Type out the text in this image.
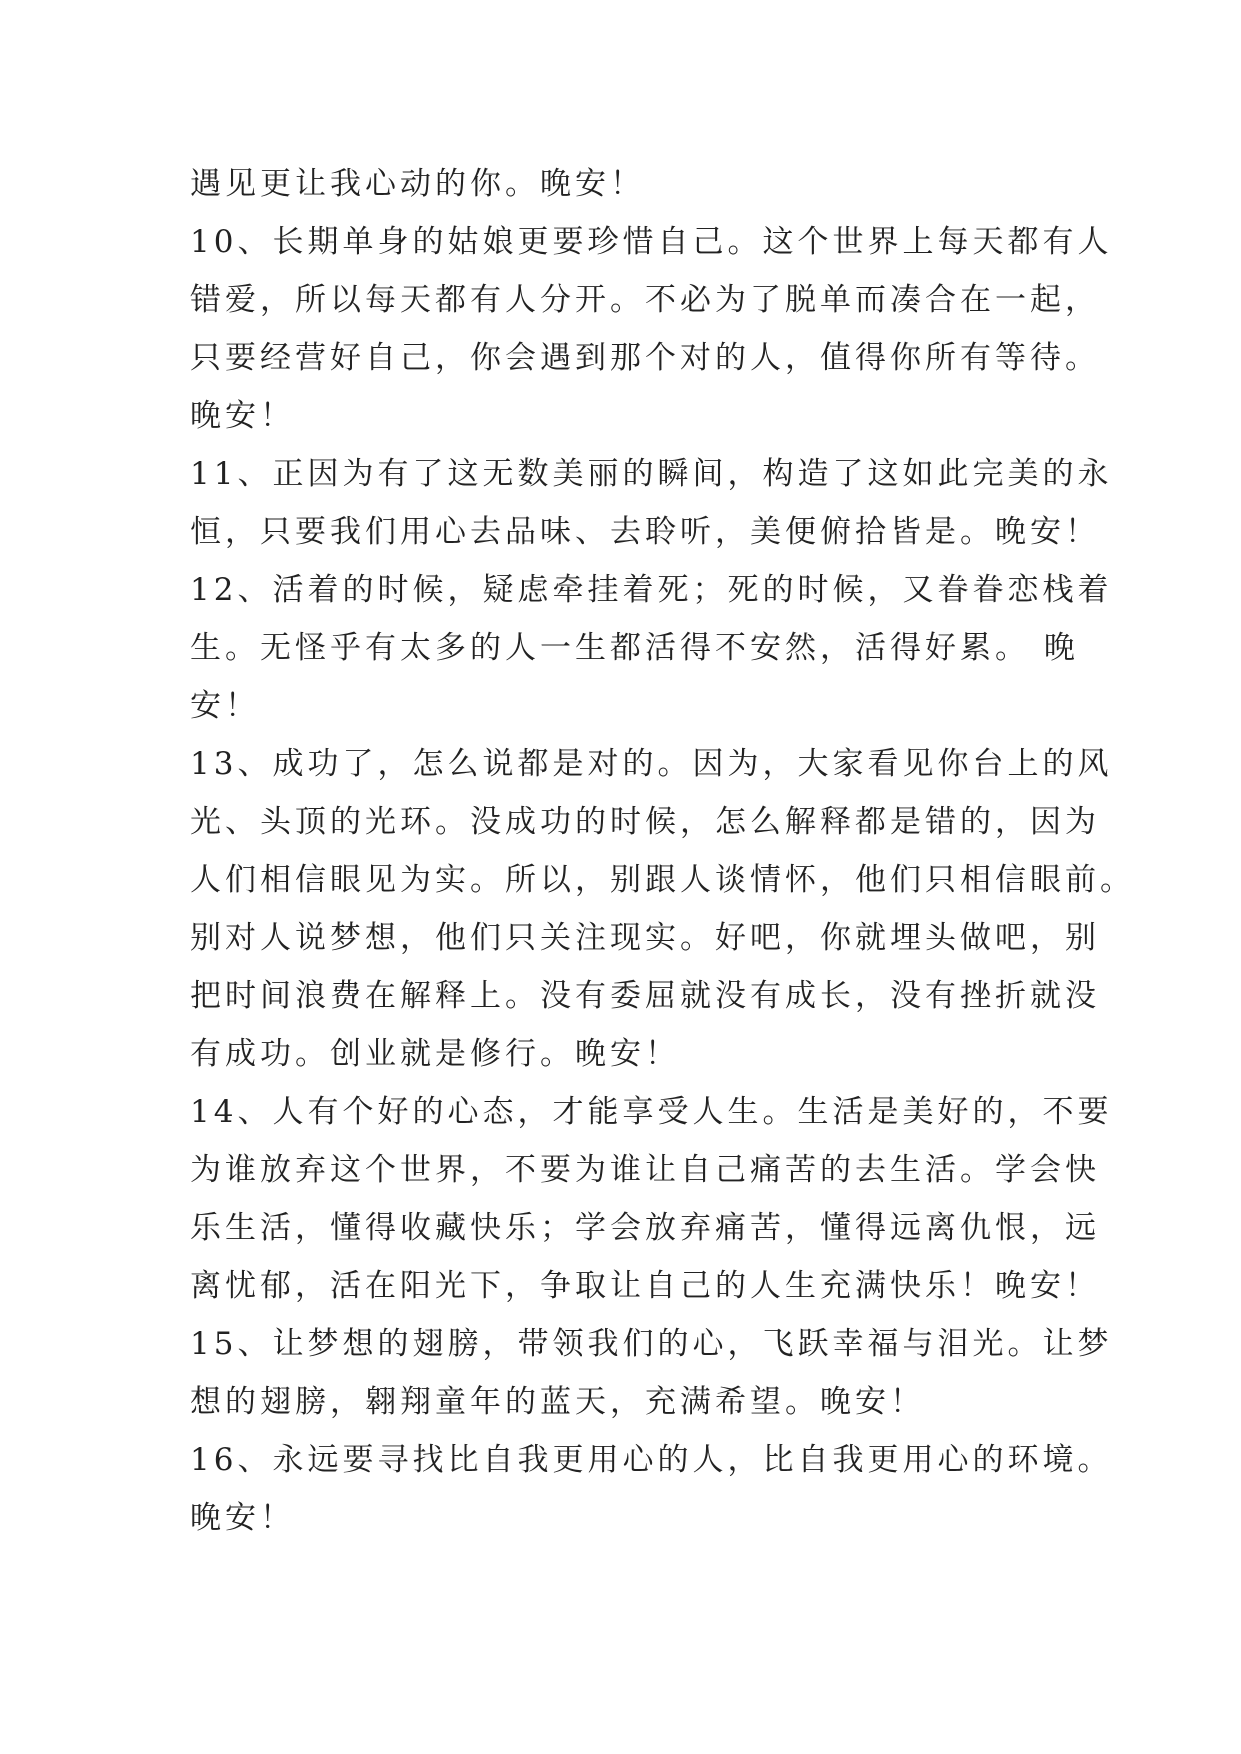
遇见更让我心动的你。晚安！
10、长期单身的姑娘更要珍惜自己。这个世界上每天都有人
错爱，所以每天都有人分开。不必为了脱单而凑合在一起，
只要经营好自己，你会遇到那个对的人，值得你所有等待。
晚安！
11、正因为有了这无数美丽的瞬间，构造了这如此完美的永
恒，只要我们用心去品味、去聆听，美便俯拾皆是。晚安！
12、活着的时候，疑虑牵挂着死；死的时候，又眷眷恋栈着
生。无怪乎有太多的人一生都活得不安然，活得好累。 晚
安！
13、成功了，怎么说都是对的。因为，大家看见你台上的风
光、头顶的光环。没成功的时候，怎么解释都是错的，因为
人们相信眼见为实。所以，别跟人谈情怀，他们只相信眼前。
别对人说梦想，他们只关注现实。好吧，你就埋头做吧，别
把时间浪费在解释上。没有委屈就没有成长，没有挫折就没
有成功。创业就是修行。晚安！
14、人有个好的心态，才能享受人生。生活是美好的，不要
为谁放弃这个世界，不要为谁让自己痛苦的去生活。学会快
乐生活，懂得收藏快乐；学会放弃痛苦，懂得远离仇恨，远
离忧郁，活在阳光下，争取让自己的人生充满快乐！晚安！
15、让梦想的翅膀，带领我们的心，飞跃幸福与泪光。让梦
想的翅膀，翱翔童年的蓝天，充满希望。晚安！
16、永远要寻找比自我更用心的人，比自我更用心的环境。
晚安！
